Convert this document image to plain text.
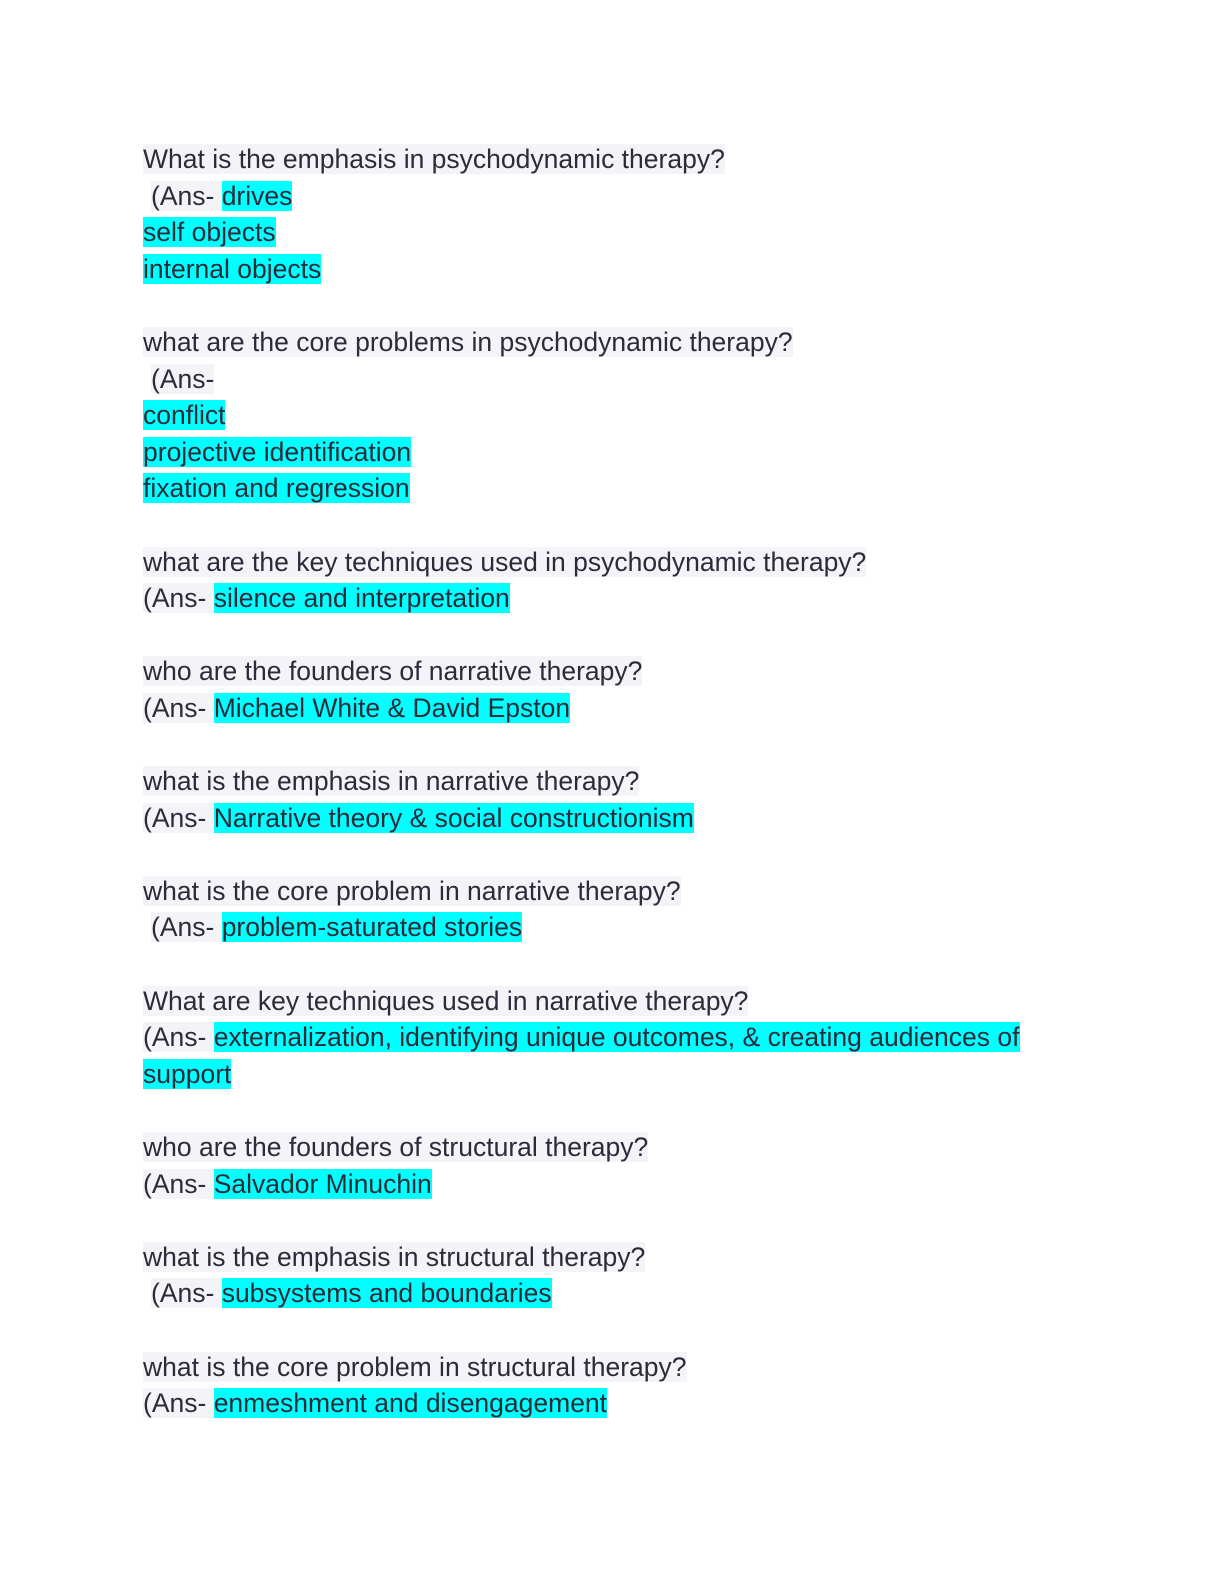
What is the emphasis in psychodynamic therapy?
(Ans- drives
self objects
internal objects
what are the core problems in psychodynamic therapy?
(Ans-
conflict
projective identification
fixation and regression
what are the key techniques used in psychodynamic therapy?
(Ans- silence and interpretation
who are the founders of narrative therapy?
(Ans- Michael White & David Epston
what is the emphasis in narrative therapy?
(Ans- Narrative theory & social constructionism
what is the core problem in narrative therapy?
(Ans- problem-saturated stories
What are key techniques used in narrative therapy?
(Ans- externalization, identifying unique outcomes, & creating audiences of support
who are the founders of structural therapy?
(Ans- Salvador Minuchin
what is the emphasis in structural therapy?
(Ans- subsystems and boundaries
what is the core problem in structural therapy?
(Ans- enmeshment and disengagement
